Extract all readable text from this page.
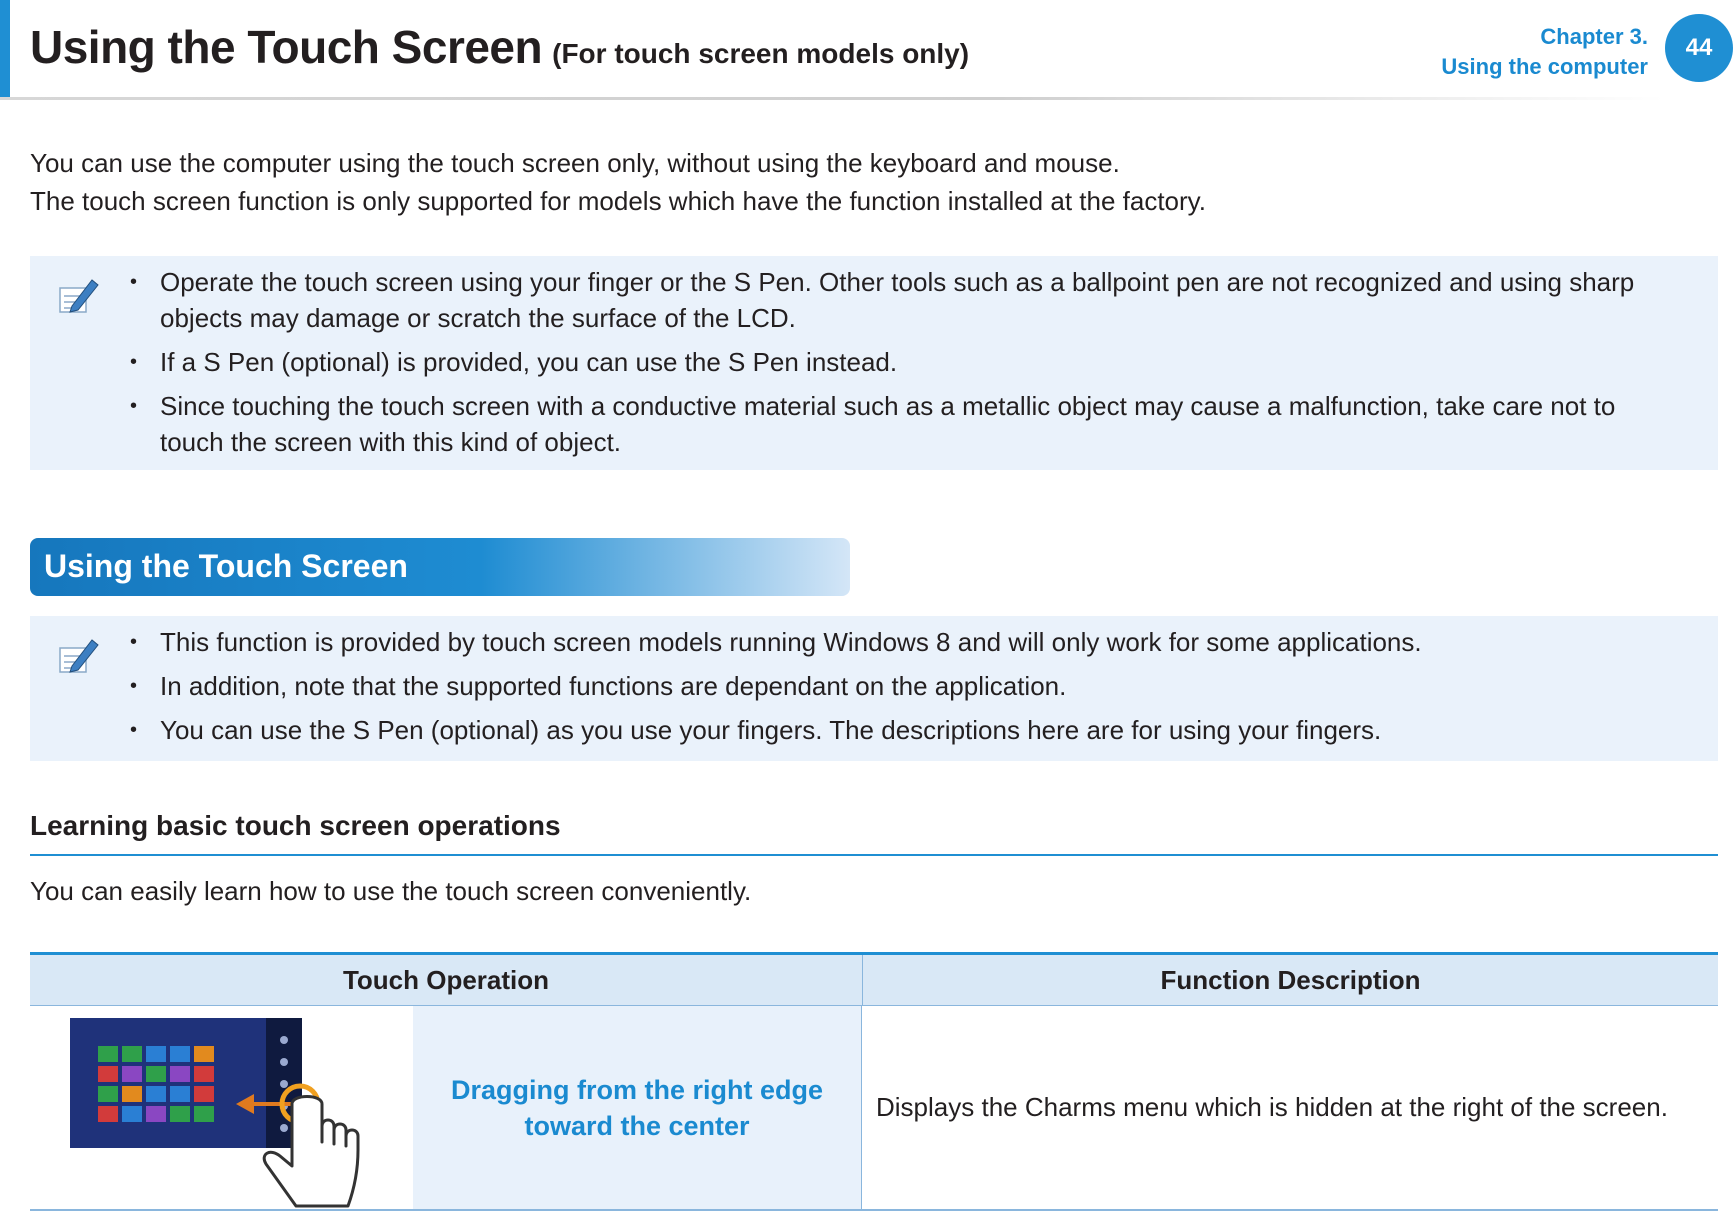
Using the Touch Screen (For touch screen models only)
Chapter 3.
Using the computer
44

You can use the computer using the touch screen only, without using the keyboard and mouse.

The touch screen function is only supported for models which have the function installed at the factory.

• Operate the touch screen using your finger or the S Pen. Other tools such as a ballpoint pen are not recognized and using sharp objects may damage or scratch the surface of the LCD.
• If a S Pen (optional) is provided, you can use the S Pen instead.
• Since touching the touch screen with a conductive material such as a metallic object may cause a malfunction, take care not to touch the screen with this kind of object.
Using the Touch Screen
• This function is provided by touch screen models running Windows 8 and will only work for some applications.
• In addition, note that the supported functions are dependant on the application.
• You can use the S Pen (optional) as you use your fingers. The descriptions here are for using your fingers.
Learning basic touch screen operations
You can easily learn how to use the touch screen conveniently.
Touch Operation	Function Description
Dragging from the right edge toward the center
Displays the Charms menu which is hidden at the right of the screen.
